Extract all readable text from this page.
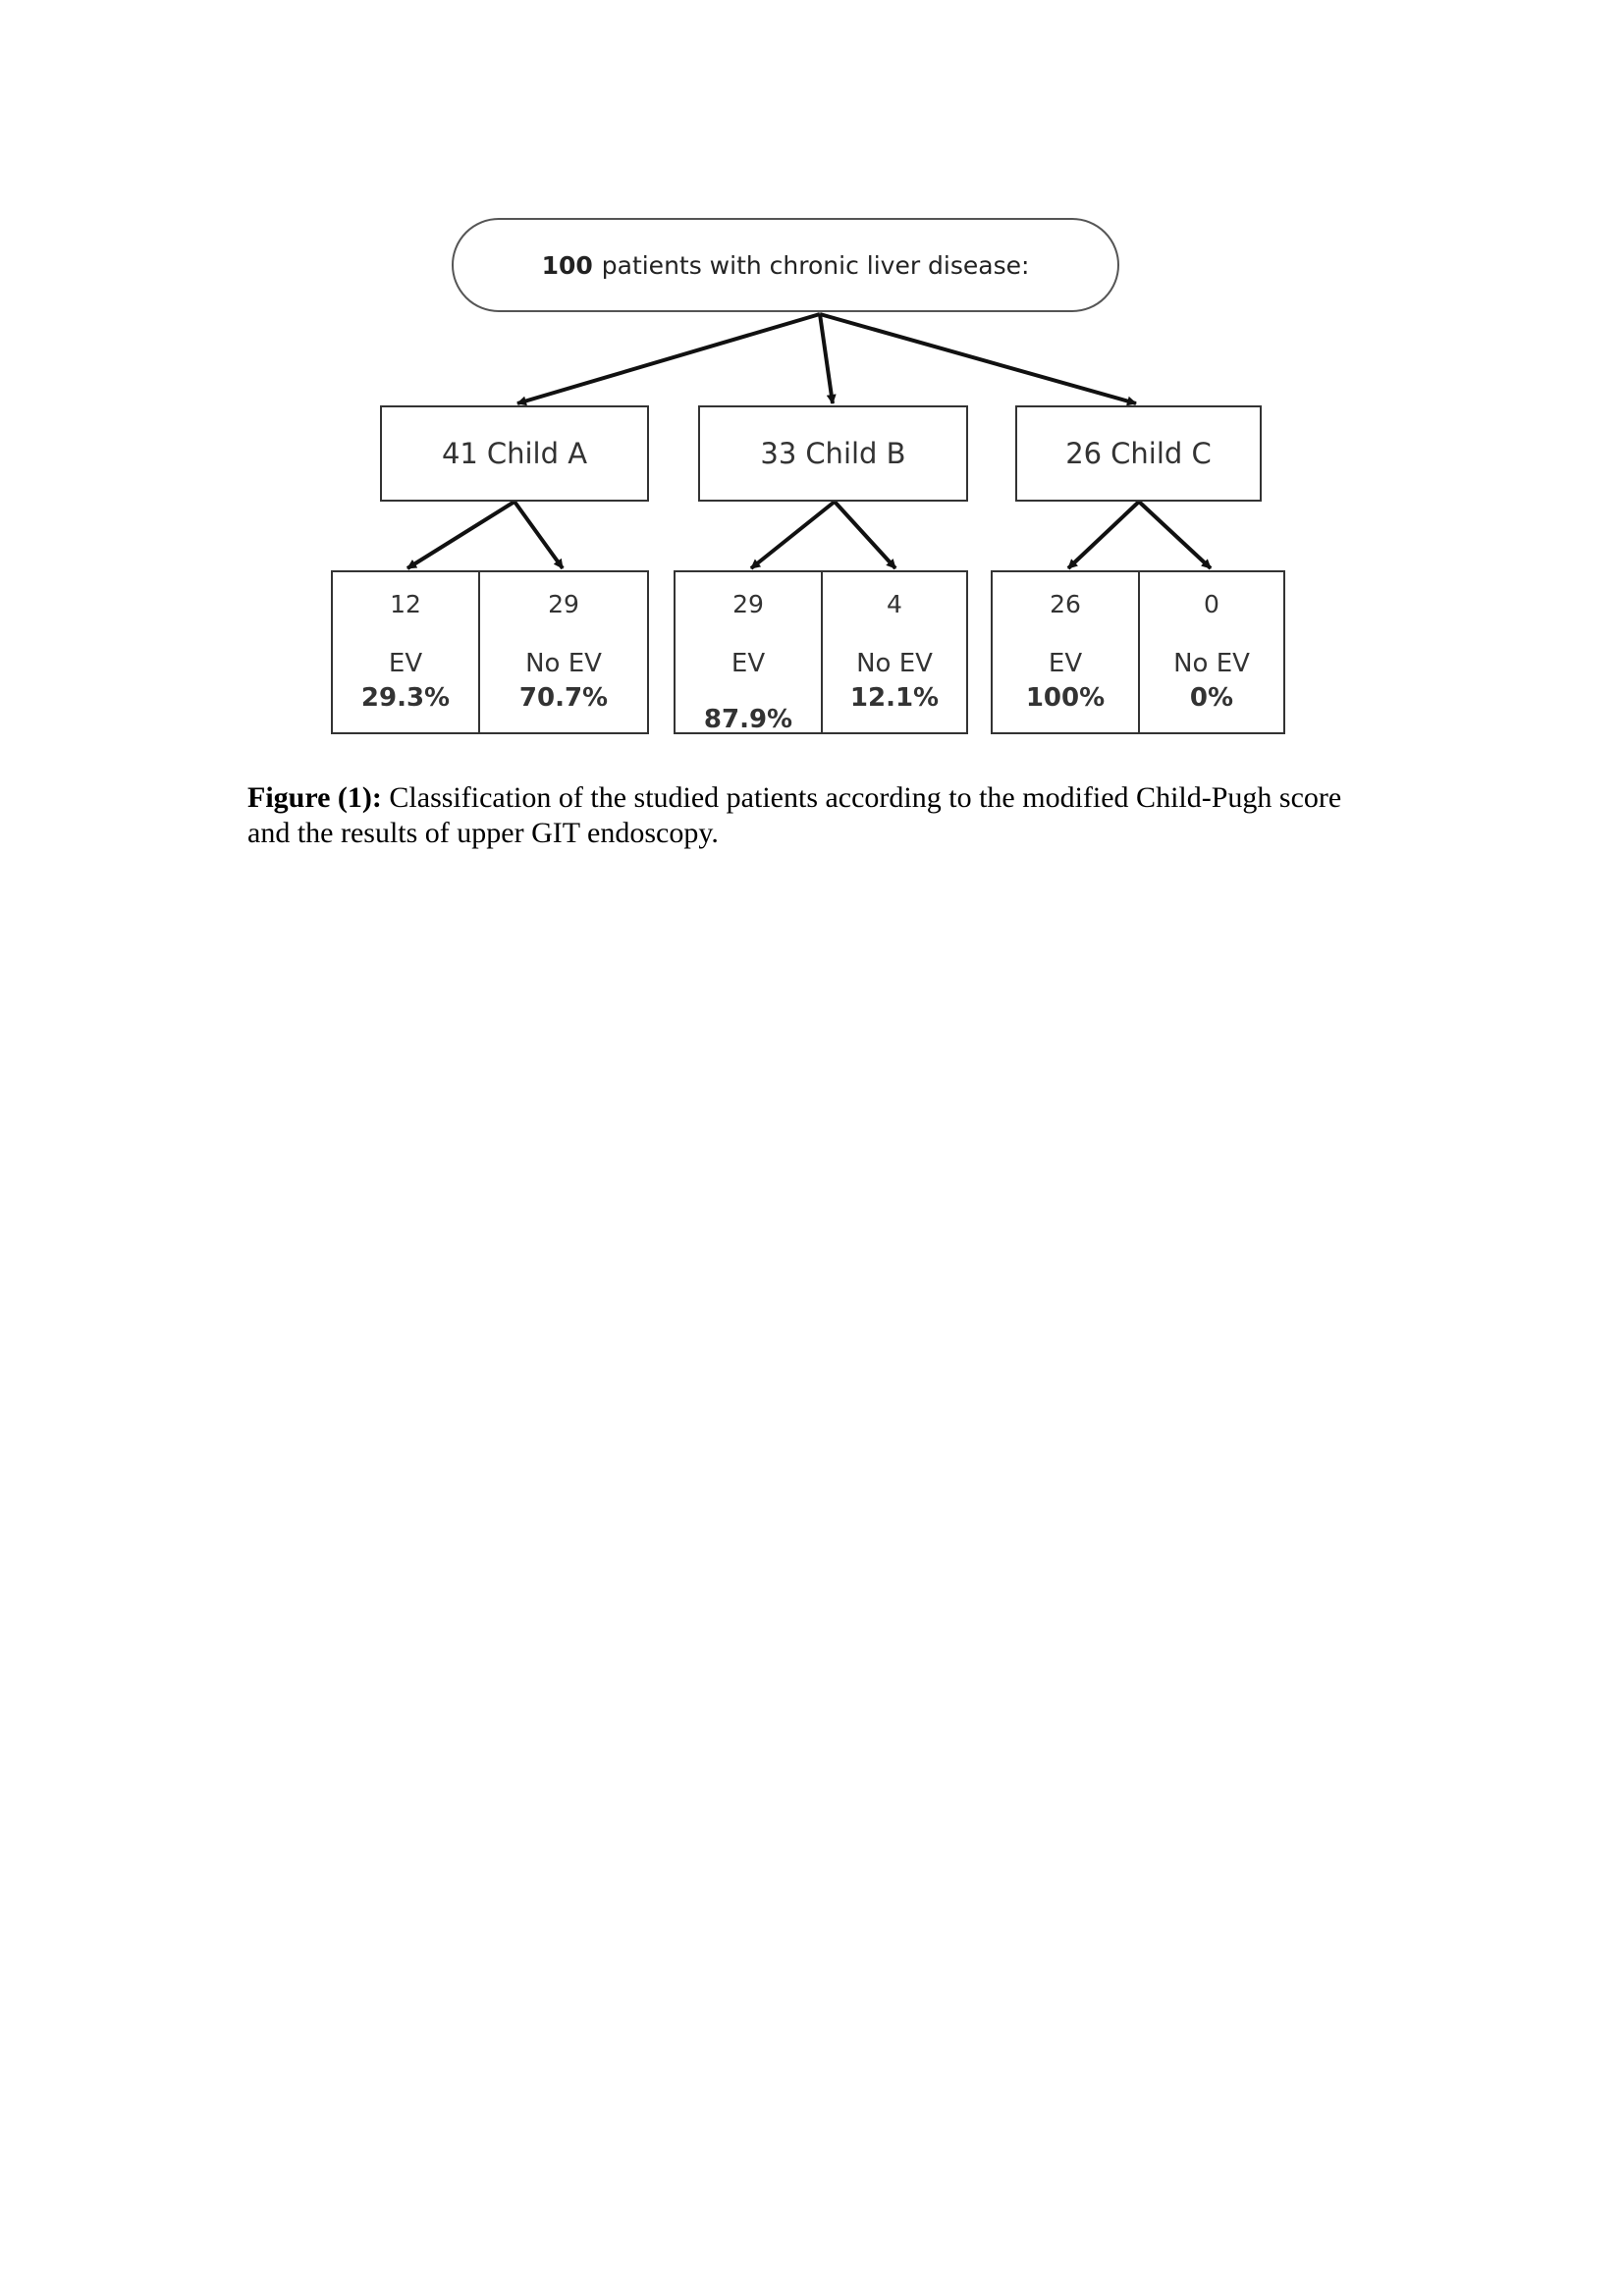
100 patients with chronic liver disease:
41 Child A	33 Child B	26 Child C
12
EV
29.3%
29
No EV
70.7%
29
EV
87.9%
4
No EV
12.1%
26
EV
100%
0
No EV
0%
Figure (1): Classification of the studied patients according to the modified Child-Pugh score and the results of upper GIT endoscopy.
